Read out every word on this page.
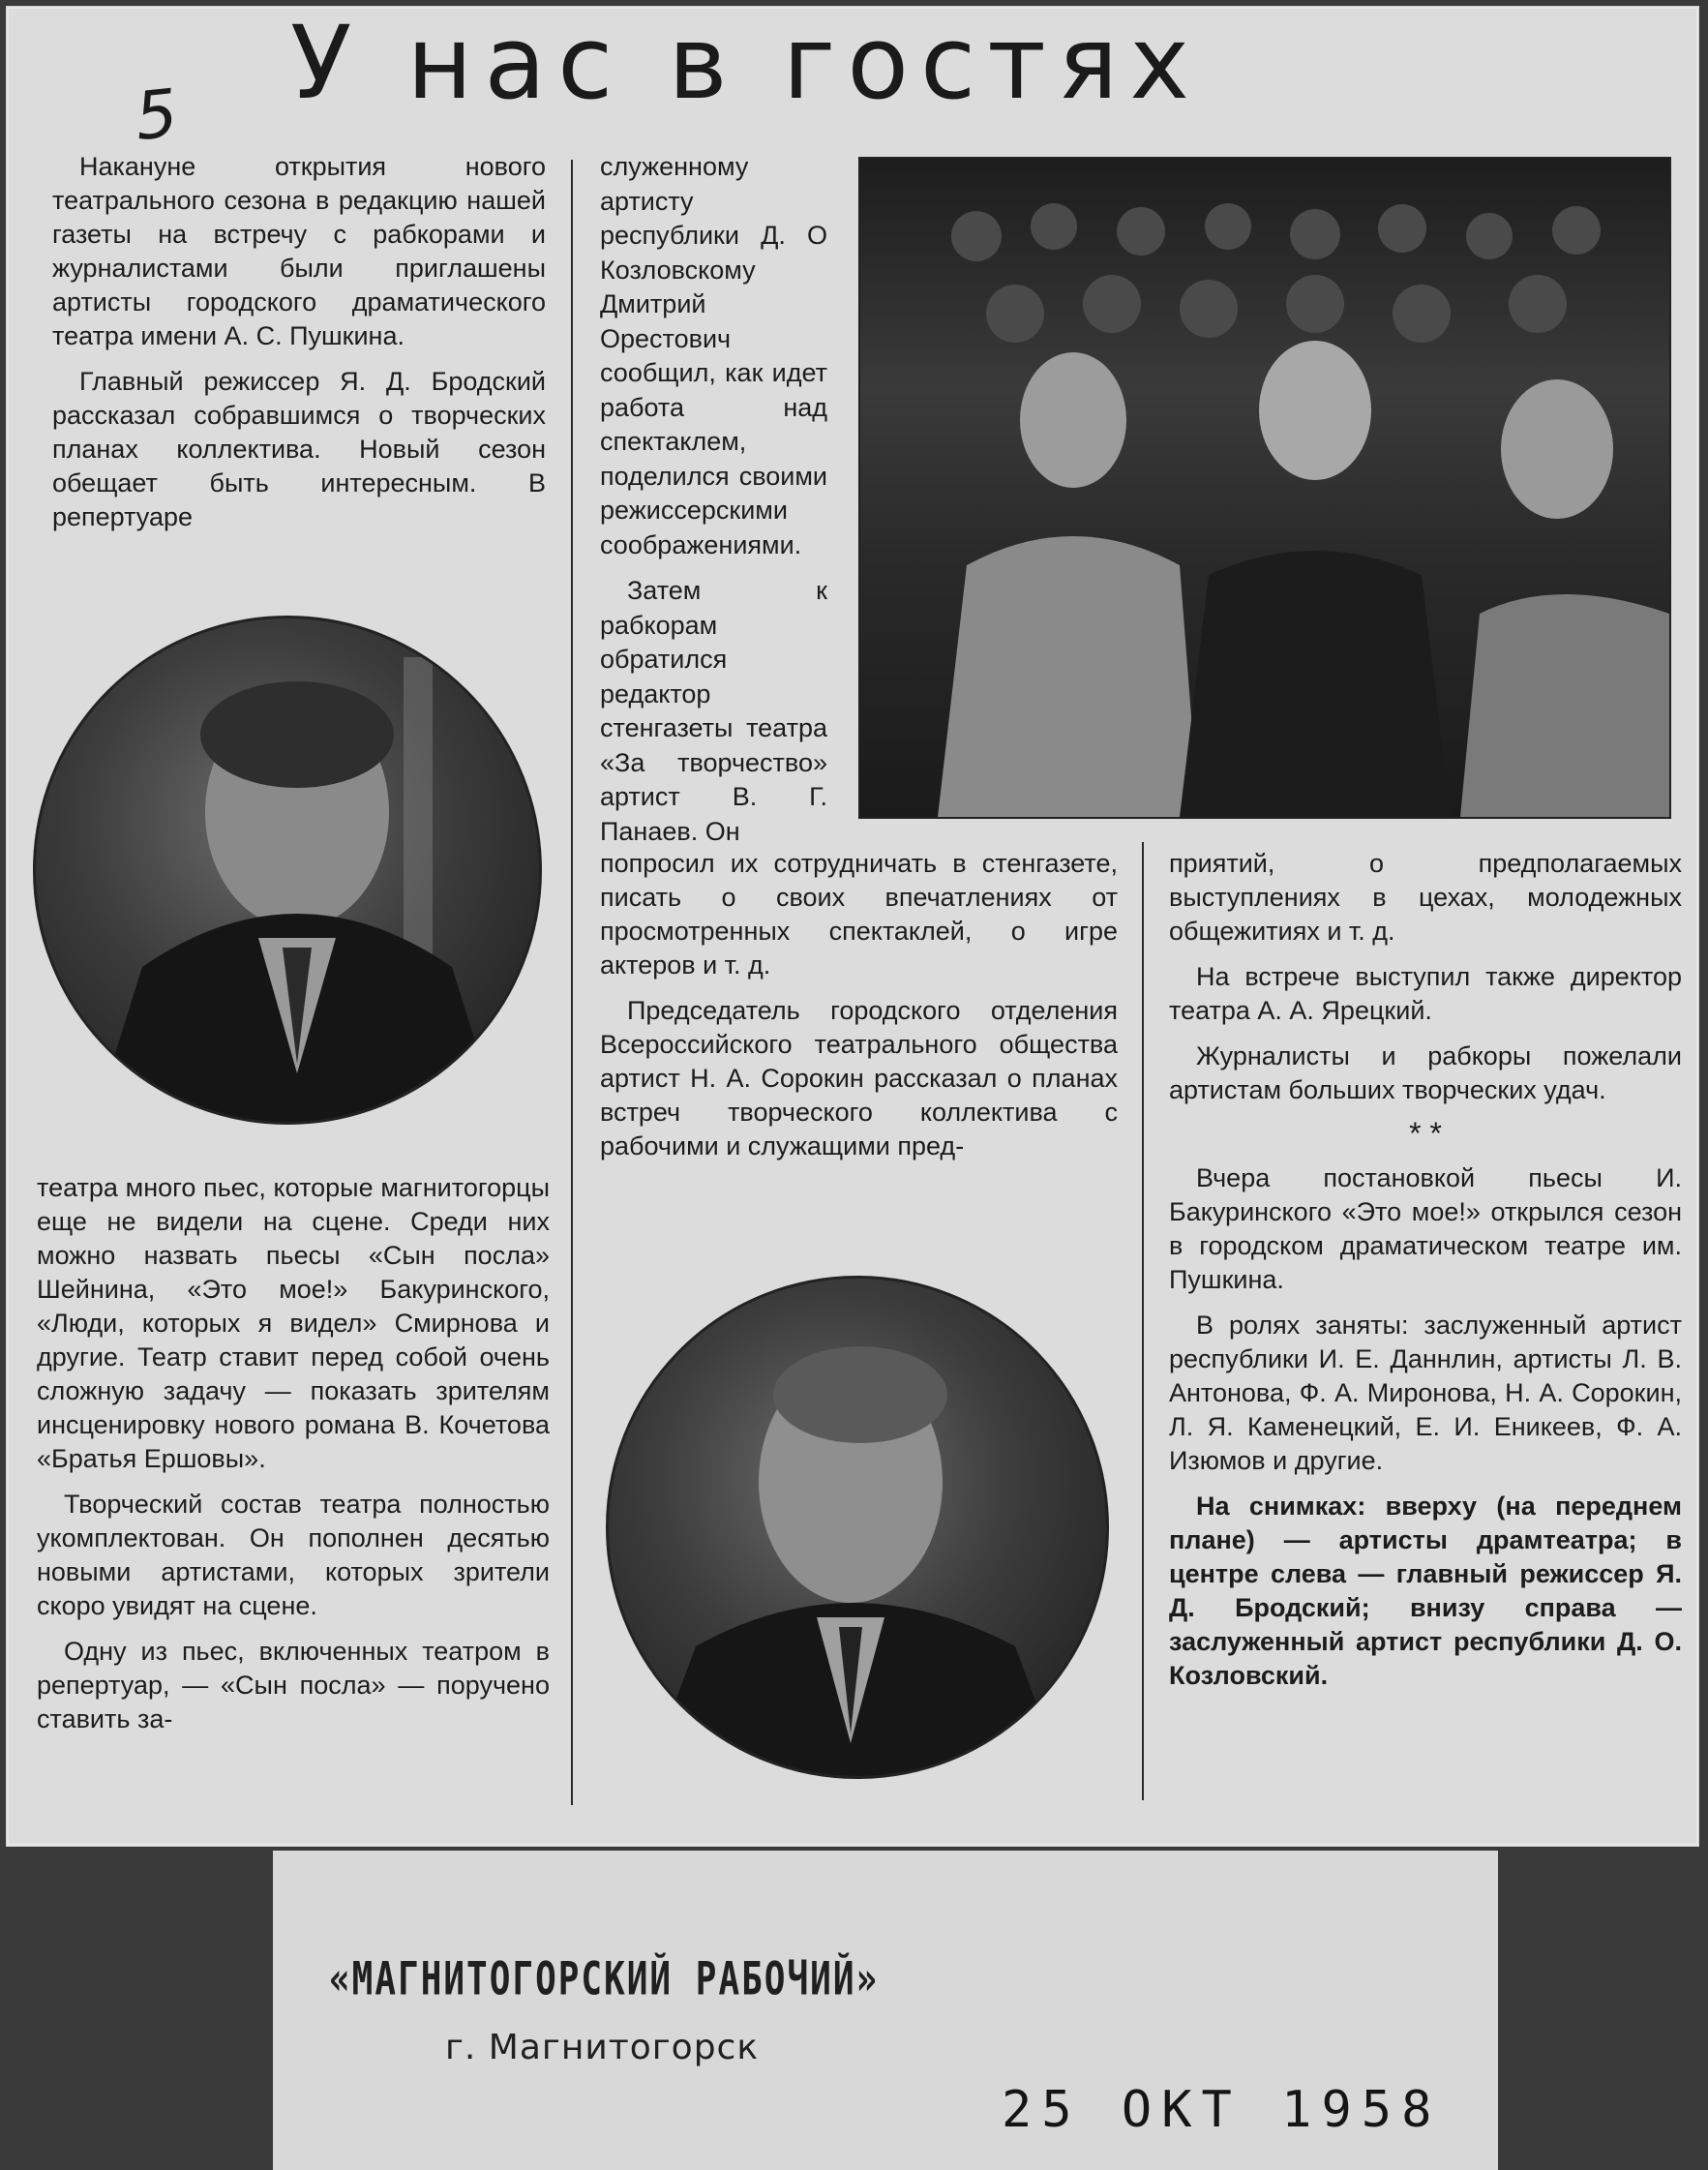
5 У нас в гостях

Накануне открытия нового театрального сезона в редакцию нашей газеты на встречу с рабкорами и журналистами были приглашены артисты городского драматического театра имени А. С. Пушкина.

Главный режиссер Я. Д. Бродский рассказал собравшимся о творческих планах коллектива. Новый сезон обещает быть интересным. В репертуаре

театра много пьес, которые магнитогорцы еще не видели на сцене. Среди них можно назвать пьесы «Сын посла» Шейнина, «Это мое!» Бакуринского, «Люди, которых я видел» Смирнова и другие. Театр ставит перед собой очень сложную задачу — показать зрителям инсценировку нового романа В. Кочетова «Братья Ершовы».

Творческий состав театра полностью укомплектован. Он пополнен десятью новыми артистами, которых зрители скоро увидят на сцене.

Одну из пьес, включенных театром в репертуар, — «Сын посла» — поручено ставить за-

служенному артисту республики Д. О Козловскому Дмитрий Орестович сообщил, как идет работа над спектаклем, поделился своими режиссерскими соображениями.

Затем к рабкорам обратился редактор стенгазеты театра «За творчество» артист В. Г. Панаев. Он

попросил их сотрудничать в стенгазете, писать о своих впечатлениях от просмотренных спектаклей, о игре актеров и т. д.

Председатель городского отделения Всероссийского театрального общества артист Н. А. Сорокин рассказал о планах встреч творческого коллектива с рабочими и служащими пред-

приятий, о предполагаемых выступлениях в цехах, молодежных общежитиях и т. д.

На встрече выступил также директор театра А. А. Ярецкий.

Журналисты и рабкоры пожелали артистам больших творческих удач.

* *

Вчера постановкой пьесы И. Бакуринского «Это мое!» открылся сезон в городском драматическом театре им. Пушкина.

В ролях заняты: заслуженный артист республики И. Е. Даннлин, артисты Л. В. Антонова, Ф. А. Миронова, Н. А. Сорокин, Л. Я. Каменецкий, Е. И. Еникеев, Ф. А. Изюмов и другие.

На снимках: вверху (на переднем плане) — артисты драмтеатра; в центре слева — главный режиссер Я. Д. Бродский; внизу справа — заслуженный артист республики Д. О. Козловский.

«МАГНИТОГОРСКИЙ РАБОЧИЙ»
г. Магнитогорск
25 ОКТ 1958
